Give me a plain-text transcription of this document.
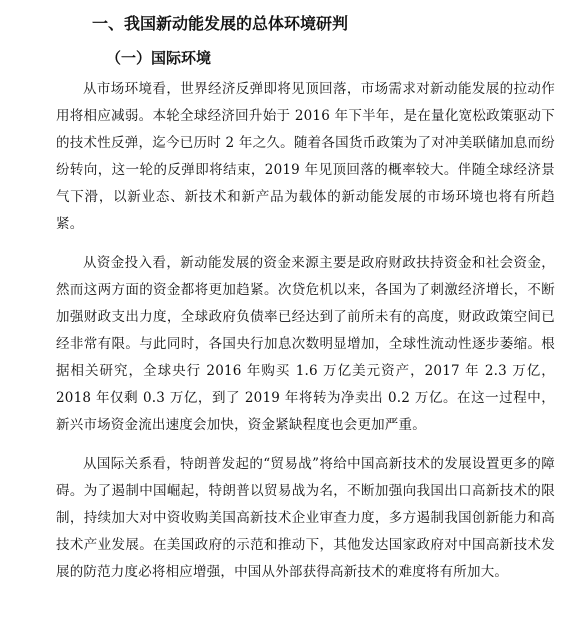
一、我国新动能发展的总体环境研判
（一）国际环境

从市场环境看，世界经济反弹即将见顶回落，市场需求对新动能发展的拉动作用将相应减弱。本轮全球经济回升始于 2016 年下半年，是在量化宽松政策驱动下的技术性反弹，迄今已历时 2 年之久。随着各国货币政策为了对冲美联储加息而纷纷转向，这一轮的反弹即将结束，2019 年见顶回落的概率较大。伴随全球经济景气下滑，以新业态、新技术和新产品为载体的新动能发展的市场环境也将有所趋紧。

从资金投入看，新动能发展的资金来源主要是政府财政扶持资金和社会资金，然而这两方面的资金都将更加趋紧。次贷危机以来，各国为了刺激经济增长，不断加强财政支出力度，全球政府负债率已经达到了前所未有的高度，财政政策空间已经非常有限。与此同时，各国央行加息次数明显增加，全球性流动性逐步萎缩。根据相关研究，全球央行 2016 年购买 1.6 万亿美元资产，2017 年 2.3 万亿，2018 年仅剩 0.3 万亿，到了 2019 年将转为净卖出 0.2 万亿。在这一过程中，新兴市场资金流出速度会加快，资金紧缺程度也会更加严重。

从国际关系看，特朗普发起的“贸易战”将给中国高新技术的发展设置更多的障碍。为了遏制中国崛起，特朗普以贸易战为名，不断加强向我国出口高新技术的限制，持续加大对中资收购美国高新技术企业审查力度，多方遏制我国创新能力和高技术产业发展。在美国政府的示范和推动下，其他发达国家政府对中国高新技术发展的防范力度必将相应增强，中国从外部获得高新技术的难度将有所加大。
